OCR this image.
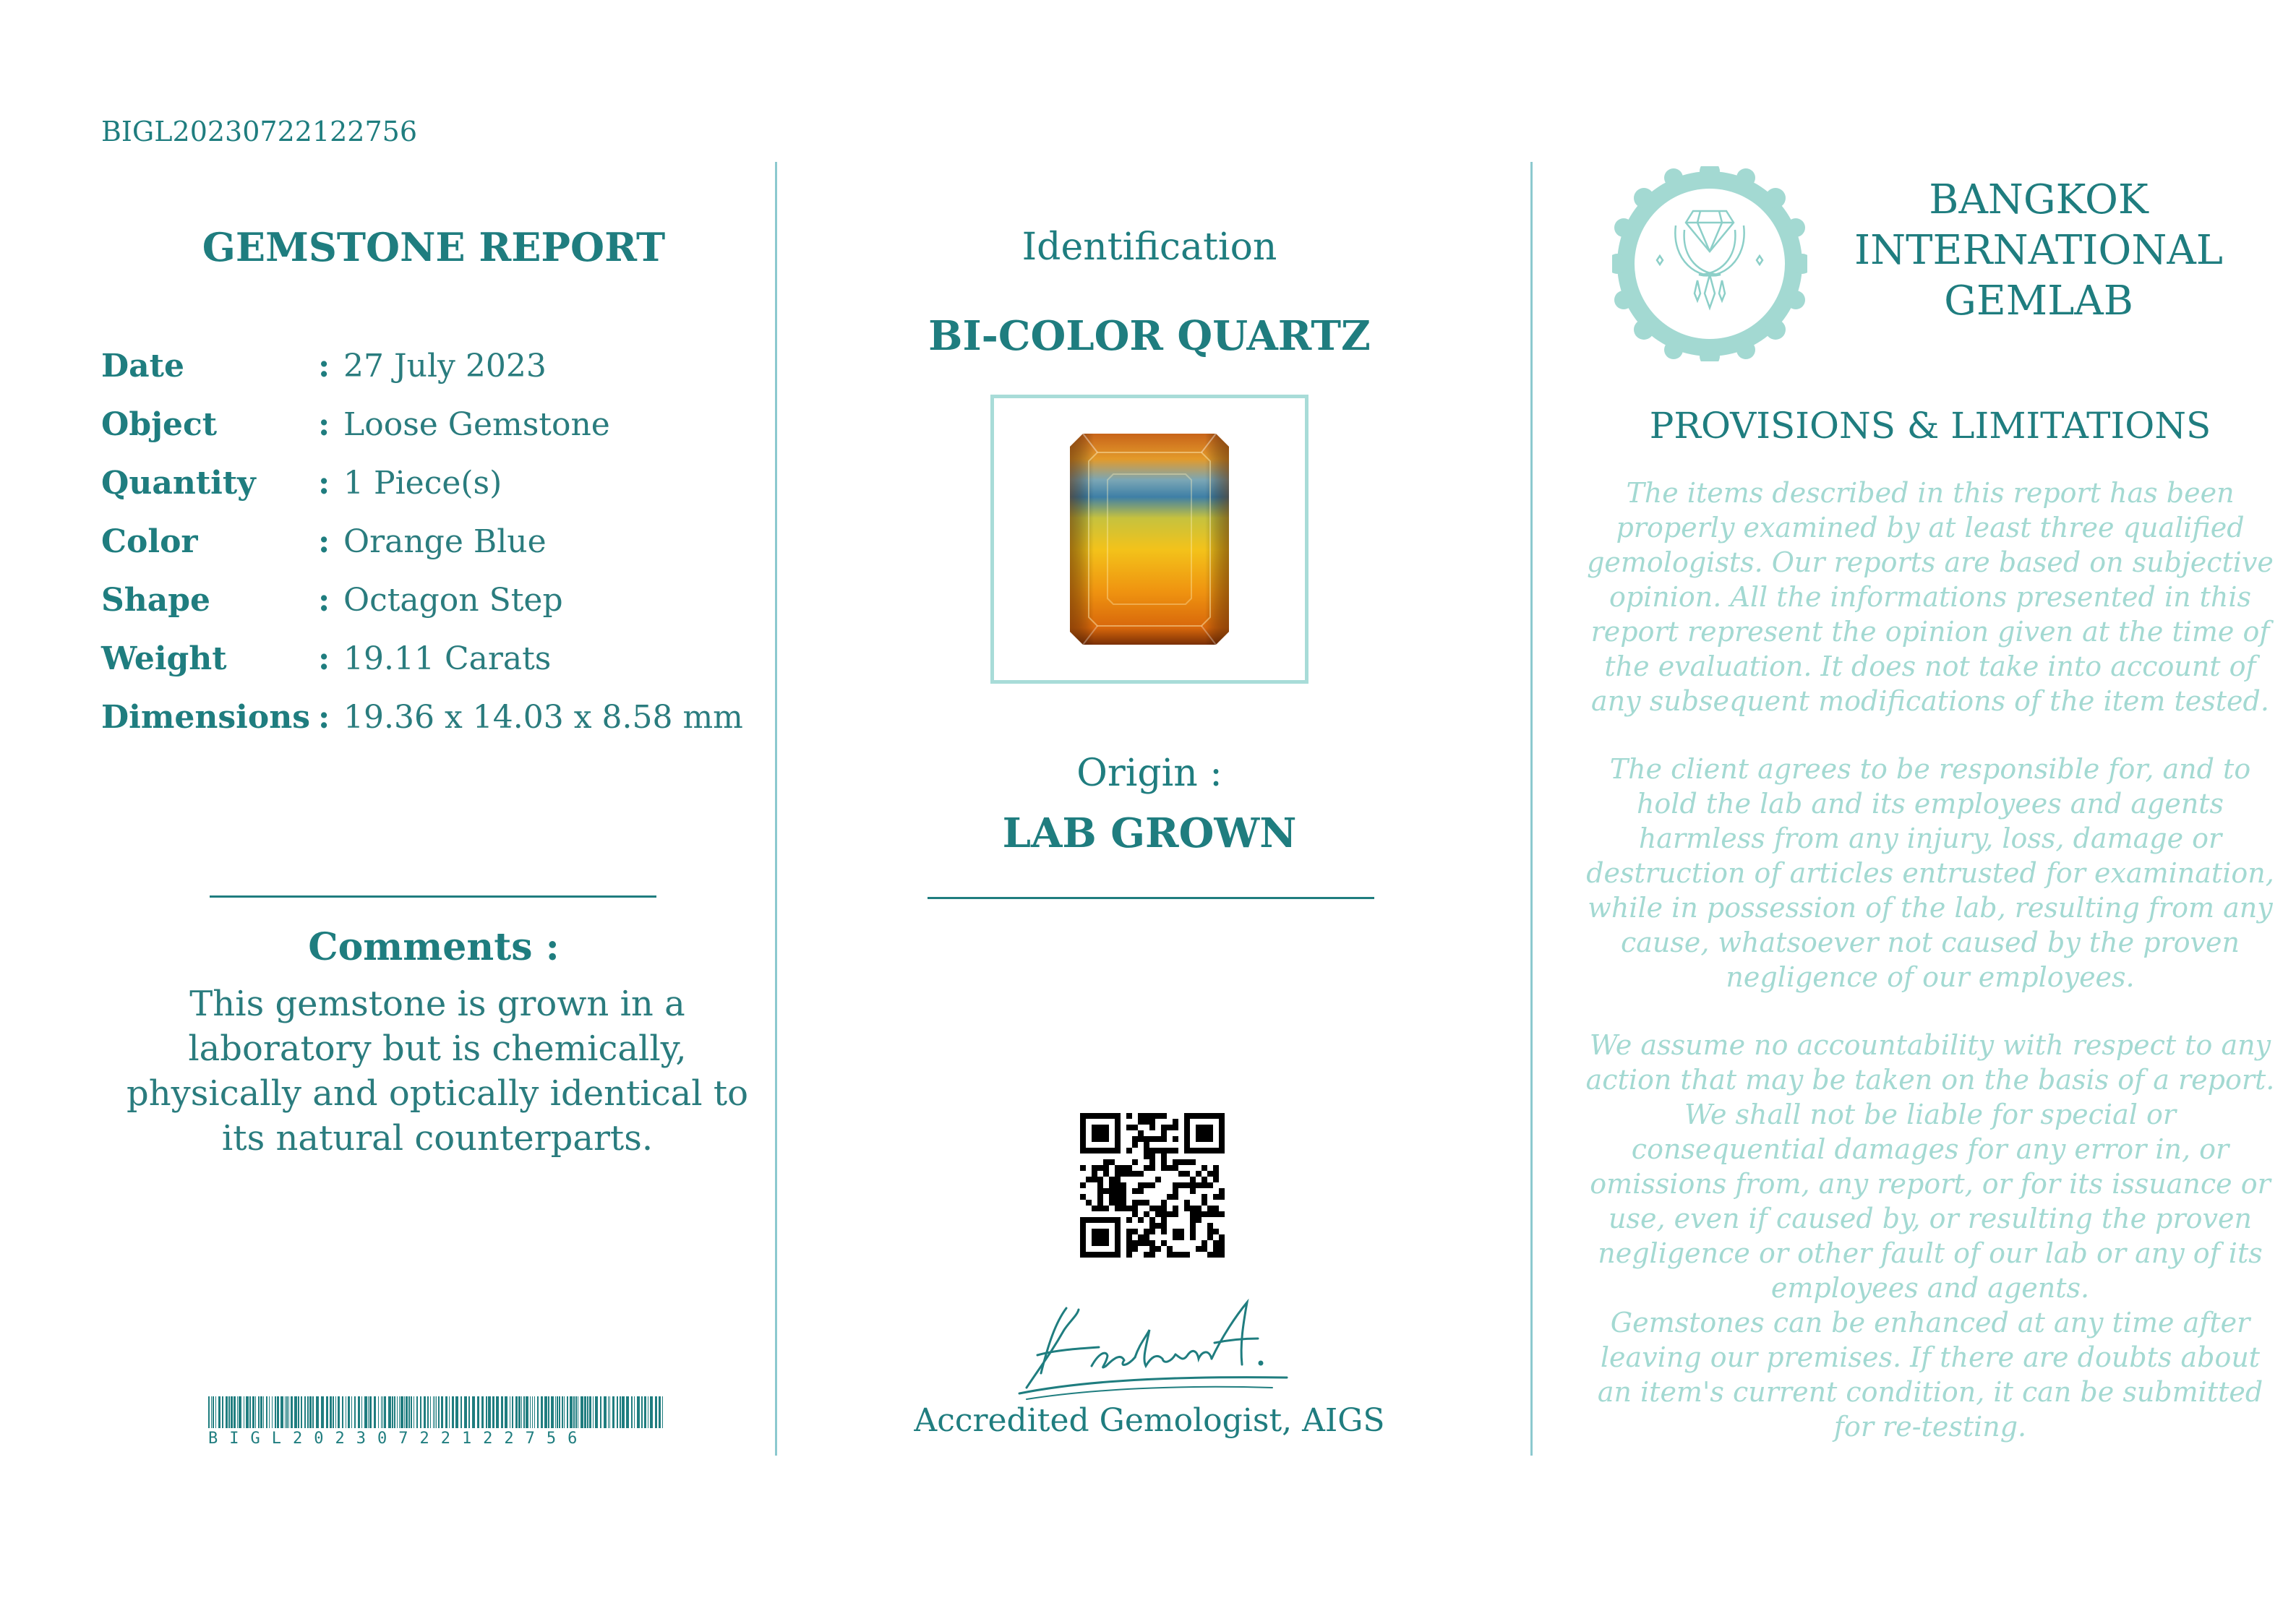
BIGL20230722122756
GEMSTONE REPORT
Date	: 27 July 2023
Object	: Loose Gemstone
Quantity : 1 Piece(s)
Color	: Orange Blue
Shape	: Octagon Step
Weight	: 19.11 Carats
Dimensions : 19.36 x 14.03 x 8.58 mm
Comments :
This gemstone is grown in a laboratory but is chemically, physically and optically identical to its natural counterparts.
BIGL20230722122756
Identification
BI-COLOR QUARTZ
Origin :
LAB GROWN
Accredited Gemologist, AIGS
BANGKOK
INTERNATIONAL
GEMLAB
PROVISIONS & LIMITATIONS
The items described in this report has been properly examined by at least three qualified gemologists. Our reports are based on subjective opinion. All the informations presented in this report represent the opinion given at the time of the evaluation. It does not take into account of any subsequent modifications of the item tested.
The client agrees to be responsible for, and to hold the lab and its employees and agents harmless from any injury, loss, damage or destruction of articles entrusted for examination, while in possession of the lab, resulting from any cause, whatsoever not caused by the proven negligence of our employees.
We assume no accountability with respect to any action that may be taken on the basis of a report. We shall not be liable for special or consequential damages for any error in, or omissions from, any report, or for its issuance or use, even if caused by, or resulting the proven negligence or other fault of our lab or any of its employees and agents.
Gemstones can be enhanced at any time after leaving our premises. If there are doubts about an item's current condition, it can be submitted for re-testing.
